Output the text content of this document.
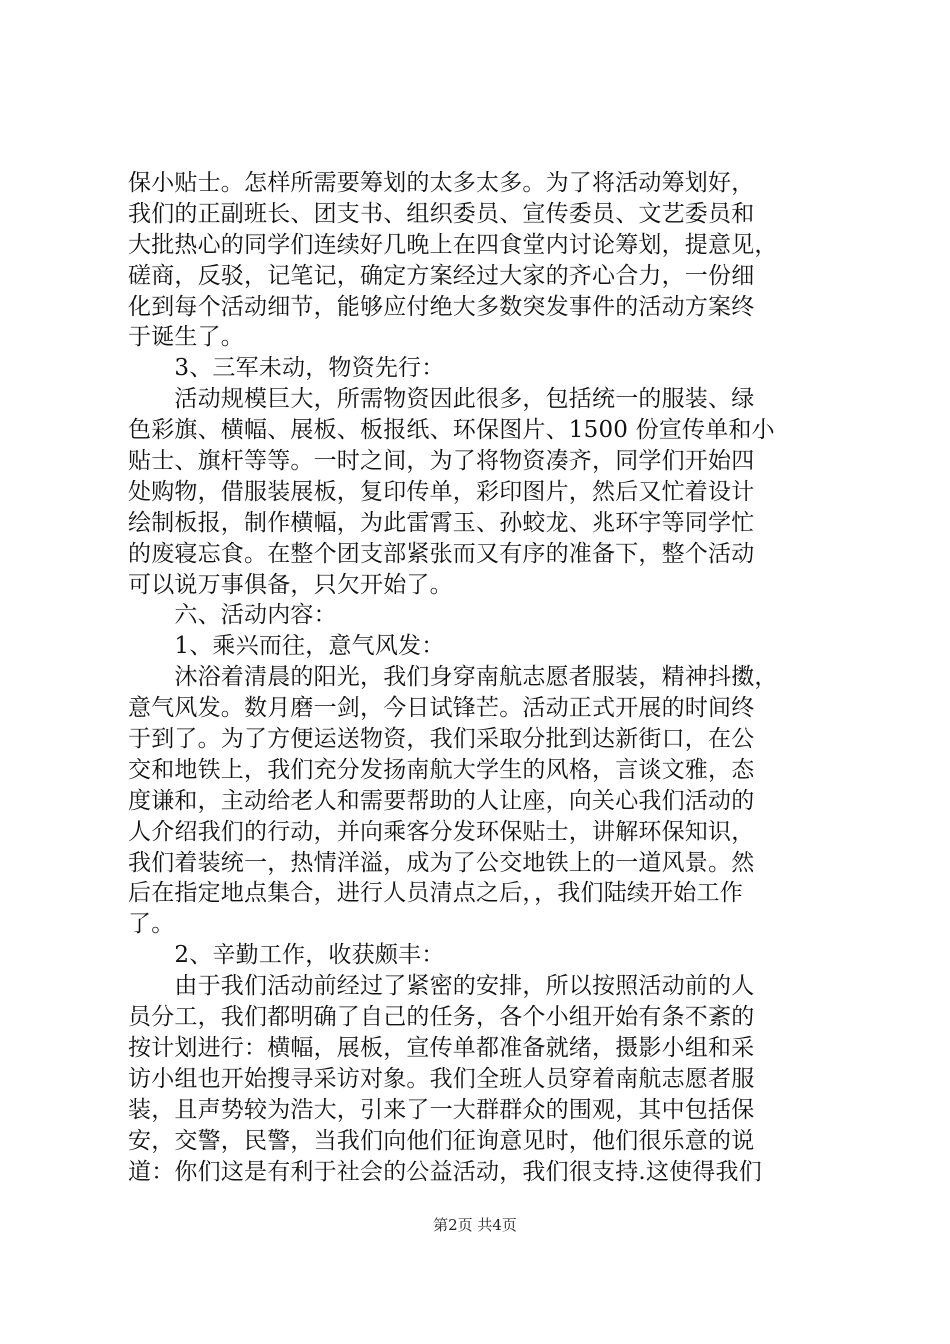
保小贴士。怎样所需要筹划的太多太多。为了将活动筹划好，
我们的正副班长、团支书、组织委员、宣传委员、文艺委员和
大批热心的同学们连续好几晚上在四食堂内讨论筹划，提意见，
磋商，反驳，记笔记，确定方案经过大家的齐心合力，一份细
化到每个活动细节，能够应付绝大多数突发事件的活动方案终
于诞生了。
　　3、三军未动，物资先行：
　　活动规模巨大，所需物资因此很多，包括统一的服装、绿
色彩旗、横幅、展板、板报纸、环保图片、1500 份宣传单和小
贴士、旗杆等等。一时之间，为了将物资凑齐，同学们开始四
处购物，借服装展板，复印传单，彩印图片，然后又忙着设计
绘制板报，制作横幅，为此雷霄玉、孙蛟龙、兆环宇等同学忙
的废寝忘食。在整个团支部紧张而又有序的准备下，整个活动
可以说万事俱备，只欠开始了。
　　六、活动内容：
　　1、乘兴而往，意气风发：
　　沐浴着清晨的阳光，我们身穿南航志愿者服装，精神抖擞，
意气风发。数月磨一剑，今日试锋芒。活动正式开展的时间终
于到了。为了方便运送物资，我们采取分批到达新街口，在公
交和地铁上，我们充分发扬南航大学生的风格，言谈文雅，态
度谦和，主动给老人和需要帮助的人让座，向关心我们活动的
人介绍我们的行动，并向乘客分发环保贴士，讲解环保知识，
我们着装统一，热情洋溢，成为了公交地铁上的一道风景。然
后在指定地点集合，进行人员清点之后，，我们陆续开始工作
了。
　　2、辛勤工作，收获颇丰：
　　由于我们活动前经过了紧密的安排，所以按照活动前的人
员分工，我们都明确了自己的任务，各个小组开始有条不紊的
按计划进行：横幅，展板，宣传单都准备就绪，摄影小组和采
访小组也开始搜寻采访对象。我们全班人员穿着南航志愿者服
装，且声势较为浩大，引来了一大群群众的围观，其中包括保
安，交警，民警，当我们向他们征询意见时，他们很乐意的说
道：你们这是有利于社会的公益活动，我们很支持.这使得我们
第2页 共4页
